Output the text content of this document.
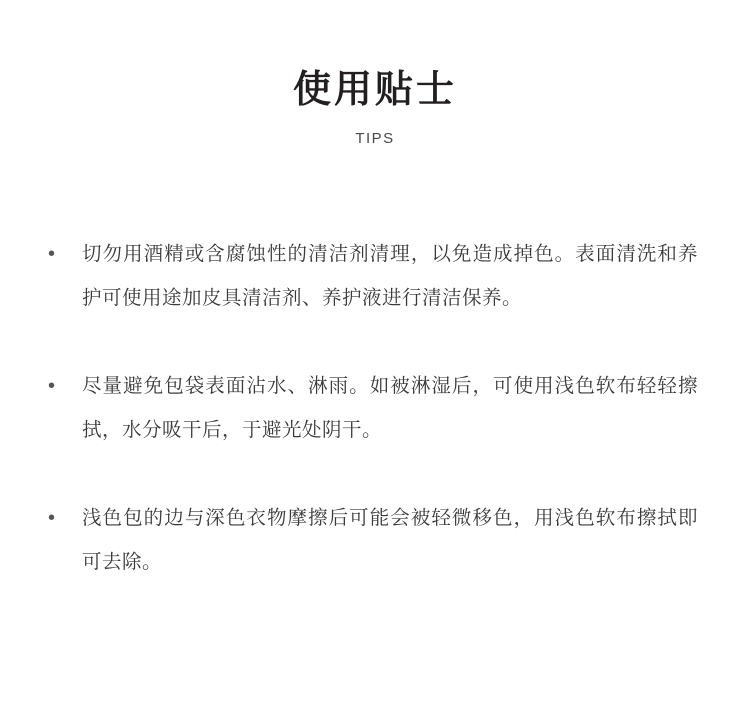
使用贴士
TIPS
•	切勿用酒精或含腐蚀性的清洁剂清理，以免造成掉色。表面清洗和养护可使用途加皮具清洁剂、养护液进行清洁保养。
•	尽量避免包袋表面沾水、淋雨。如被淋湿后，可使用浅色软布轻轻擦拭，水分吸干后，于避光处阴干。
•	浅色包的边与深色衣物摩擦后可能会被轻微移色，用浅色软布擦拭即可去除。
